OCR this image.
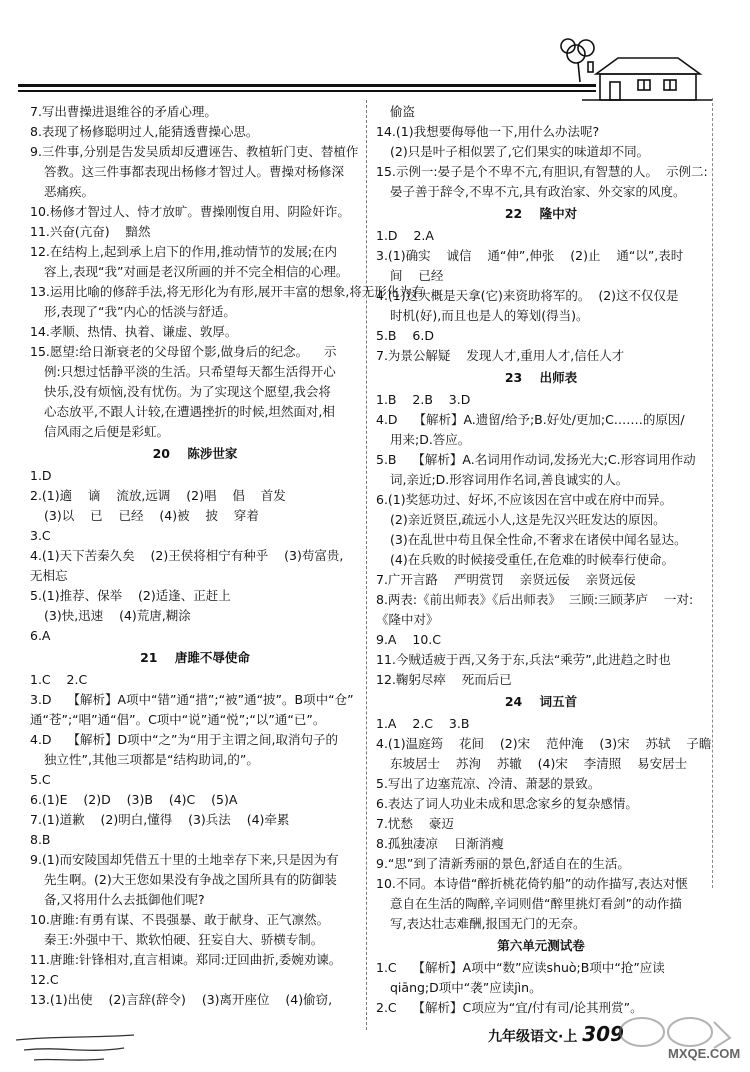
7.写出曹操进退维谷的矛盾心理。
8.表现了杨修聪明过人,能猜透曹操心思。
9.三件事,分别是告发吴质却反遭诬告、教植斩门吏、替植作
答教。这三件事都表现出杨修才智过人。曹操对杨修深
恶痛疾。
10.杨修才智过人、恃才放旷。曹操刚愎自用、阴险奸诈。
11.兴奋(亢奋)    黯然
12.在结构上,起到承上启下的作用,推动情节的发展;在内
容上,表现“我”对画是老汉所画的并不完全相信的心理。
13.运用比喻的修辞手法,将无形化为有形,展开丰富的想象,将无形化为有
形,表现了“我”内心的恬淡与舒适。
14.孝顺、热情、执着、谦虚、敦厚。
15.愿望:给日渐衰老的父母留个影,做身后的纪念。    示
例:只想过恬静平淡的生活。只希望每天都生活得开心
快乐,没有烦恼,没有忧伤。为了实现这个愿望,我会将
心态放平,不跟人计较,在遭遇挫折的时候,坦然面对,相
信风雨之后便是彩虹。
20    陈涉世家
1.D
2.(1)適    谪    流放,远调    (2)唱    倡    首发
(3)以    已    已经    (4)被    披    穿着
3.C
4.(1)天下苦秦久矣    (2)王侯将相宁有种乎    (3)苟富贵,
无相忘
5.(1)推荐、保举    (2)适逢、正赶上
(3)快,迅速    (4)荒唐,糊涂
6.A
21    唐雎不辱使命
1.C    2.C
3.D    【解析】A项中“错”通“措”;“被”通“披”。B项中“仓”
通“苍”;“唱”通“倡”。C项中“说”通“悦”;“以”通“已”。
4.D    【解析】D项中“之”为“用于主谓之间,取消句子的
独立性”,其他三项都是“结构助词,的”。
5.C
6.(1)E    (2)D    (3)B    (4)C    (5)A
7.(1)道歉    (2)明白,懂得    (3)兵法    (4)牵累
8.B
9.(1)而安陵国却凭借五十里的土地幸存下来,只是因为有
先生啊。(2)大王您如果没有争战之国所具有的防御装
备,又将用什么去抵御他们呢?
10.唐雎:有勇有谋、不畏强暴、敢于献身、正气凛然。
秦王:外强中干、欺软怕硬、狂妄自大、骄横专制。
11.唐雎:针锋相对,直言相谏。郑同:迂回曲折,委婉劝谏。
12.C
13.(1)出使    (2)言辞(辞令)    (3)离开座位    (4)偷窃,
偷盗
14.(1)我想要侮辱他一下,用什么办法呢?
(2)只是叶子相似罢了,它们果实的味道却不同。
15.示例一:晏子是个不卑不亢,有胆识,有智慧的人。  示例二:
晏子善于辞令,不卑不亢,具有政治家、外交家的风度。
22    隆中对
1.D    2.A
3.(1)确实    诚信    通“伸”,伸张    (2)止    通“以”,表时
间    已经
4.(1)这大概是天拿(它)来资助将军的。  (2)这不仅仅是
时机(好),而且也是人的筹划(得当)。
5.B    6.D
7.为景公解疑    发现人才,重用人才,信任人才
23    出师表
1.B    2.B    3.D
4.D    【解析】A.遗留/给予;B.好处/更加;C.……的原因/
用来;D.答应。
5.B    【解析】A.名词用作动词,发扬光大;C.形容词用作动
词,亲近;D.形容词用作名词,善良诚实的人。
6.(1)奖惩功过、好坏,不应该因在宫中或在府中而异。
(2)亲近贤臣,疏远小人,这是先汉兴旺发达的原因。
(3)在乱世中苟且保全性命,不奢求在诸侯中闻名显达。
(4)在兵败的时候接受重任,在危难的时候奉行使命。
7.广开言路    严明赏罚    亲贤远佞    亲贤远佞
8.两表:《前出师表》《后出师表》  三顾:三顾茅庐    一对:
《隆中对》
9.A    10.C
11.今贼适疲于西,又务于东,兵法“乘劳”,此进趋之时也
12.鞠躬尽瘁    死而后已
24    词五首
1.A    2.C    3.B
4.(1)温庭筠    花间    (2)宋    范仲淹    (3)宋    苏轼    子瞻
东坡居士    苏洵    苏辙    (4)宋    李清照    易安居士
5.写出了边塞荒凉、冷清、萧瑟的景致。
6.表达了词人功业未成和思念家乡的复杂感情。
7.忧愁    豪迈
8.孤独凄凉    日渐消瘦
9.“思”到了清新秀丽的景色,舒适自在的生活。
10.不同。本诗借“醉折桃花倚钓船”的动作描写,表达对惬
意自在生活的陶醉,辛词则借“醉里挑灯看剑”的动作描
写,表达壮志难酬,报国无门的无奈。
第六单元测试卷
1.C    【解析】A项中“数”应读shuò;B项中“抢”应读
qiāng;D项中“袭”应读jìn。
2.C    【解析】C项应为“宜/付有司/论其刑赏”。
九年级语文·上 309
MXQE.COM
